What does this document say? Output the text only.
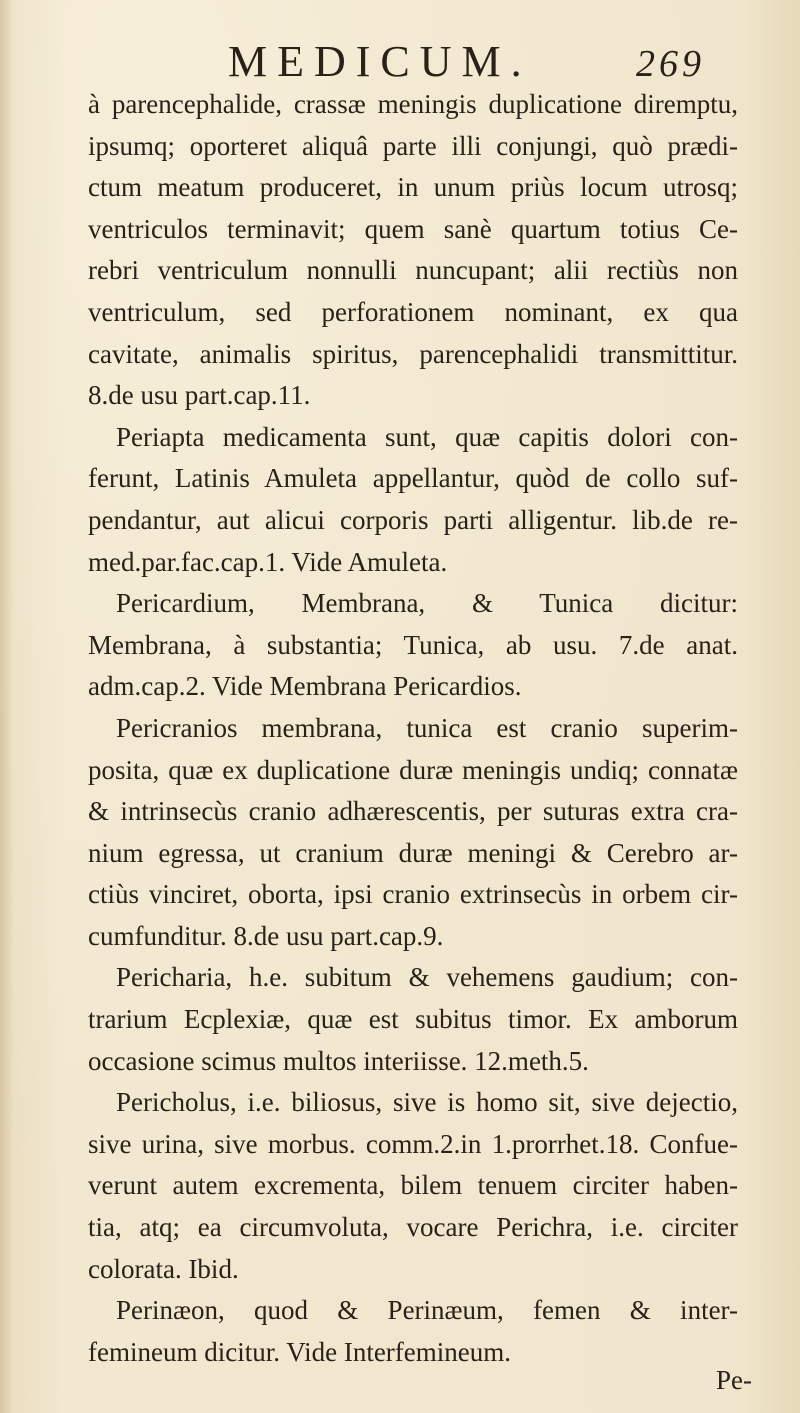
MEDICUM.	269
à parencephalide, crassæ meningis duplicatione diremptu,
ipsumq; oporteret aliquâ parte illi conjungi, quò prædi-
ctum meatum produceret, in unum priùs locum utrosq;
ventriculos terminavit; quem sanè quartum totius Ce-
rebri ventriculum nonnulli nuncupant; alii rectiùs non
ventriculum, sed perforationem nominant, ex qua
cavitate, animalis spiritus, parencephalidi transmittitur.
8.de usu part.cap.11.
Periapta medicamenta sunt, quæ capitis dolori con-
ferunt, Latinis Amuleta appellantur, quòd de collo suf-
pendantur, aut alicui corporis parti alligentur. lib.de re-
med.par.fac.cap.1. Vide Amuleta.
Pericardium, Membrana, & Tunica dicitur:
Membrana, à substantia; Tunica, ab usu. 7.de anat.
adm.cap.2. Vide Membrana Pericardios.
Pericranios membrana, tunica est cranio superim-
posita, quæ ex duplicatione duræ meningis undiq; connatæ
& intrinsecùs cranio adhærescentis, per suturas extra cra-
nium egressa, ut cranium duræ meningi & Cerebro ar-
ctiùs vinciret, oborta, ipsi cranio extrinsecùs in orbem cir-
cumfunditur. 8.de usu part.cap.9.
Pericharia, h.e. subitum & vehemens gaudium; con-
trarium Ecplexiæ, quæ est subitus timor. Ex amborum
occasione scimus multos interiisse. 12.meth.5.
Pericholus, i.e. biliosus, sive is homo sit, sive dejectio,
sive urina, sive morbus. comm.2.in 1.prorrhet.18. Confue-
verunt autem excrementa, bilem tenuem circiter haben-
tia, atq; ea circumvoluta, vocare Perichra, i.e. circiter
colorata. Ibid.
Perinæon, quod & Perinæum, femen & inter-
femineum dicitur. Vide Interfemineum.
Pe-
